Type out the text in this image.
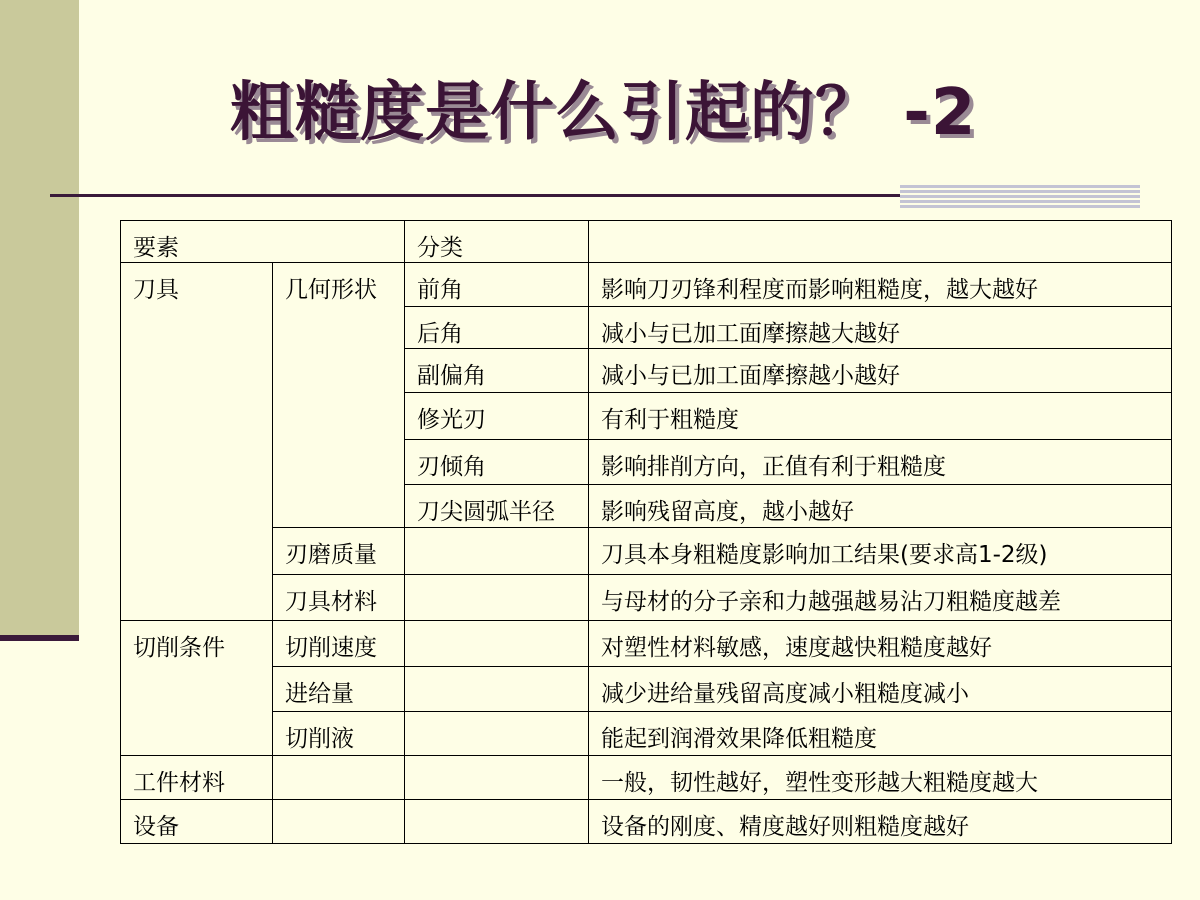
粗糙度是什么引起的？ -2
要素		分类	
刀具	几何形状	前角	影响刀刃锋利程度而影响粗糙度，越大越好
		后角	减小与已加工面摩擦越大越好
		副偏角	减小与已加工面摩擦越小越好
		修光刃	有利于粗糙度
		刃倾角	影响排削方向，正值有利于粗糙度
		刀尖圆弧半径	影响残留高度，越小越好
	刃磨质量		刀具本身粗糙度影响加工结果(要求高1-2级)
	刀具材料		与母材的分子亲和力越强越易沾刀粗糙度越差
切削条件	切削速度		对塑性材料敏感，速度越快粗糙度越好
	进给量		减少进给量残留高度减小粗糙度减小
	切削液		能起到润滑效果降低粗糙度
工件材料			一般，韧性越好，塑性变形越大粗糙度越大
设备			设备的刚度、精度越好则粗糙度越好
